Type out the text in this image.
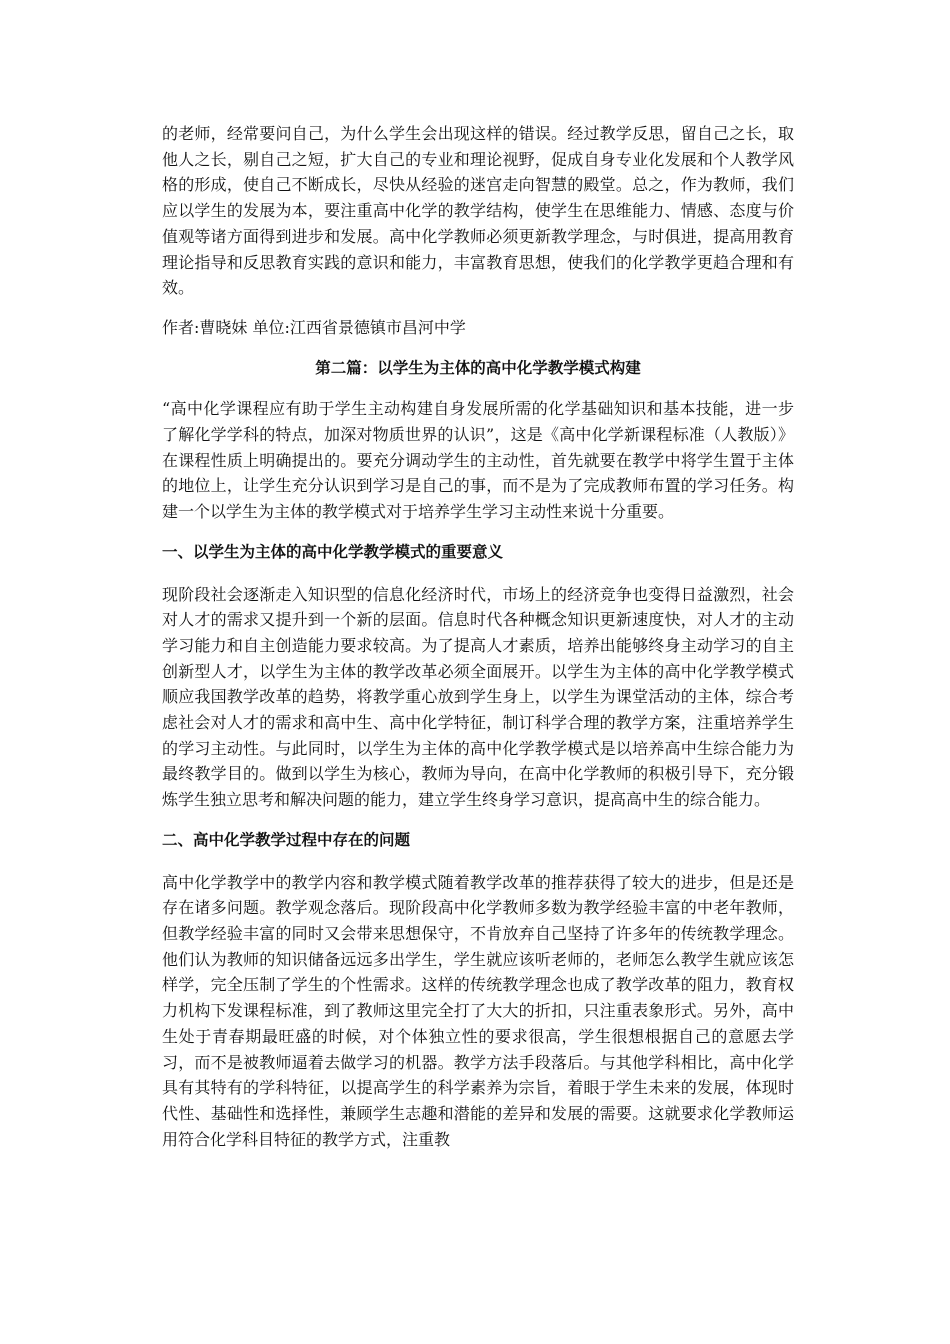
的老师，经常要问自己，为什么学生会出现这样的错误。经过教学反思，留自己之长，取他人之长，剔自己之短，扩大自己的专业和理论视野，促成自身专业化发展和个人教学风格的形成，使自己不断成长，尽快从经验的迷宫走向智慧的殿堂。总之，作为教师，我们应以学生的发展为本，要注重高中化学的教学结构，使学生在思维能力、情感、态度与价值观等诸方面得到进步和发展。高中化学教师必须更新教学理念，与时俱进，提高用教育理论指导和反思教育实践的意识和能力，丰富教育思想，使我们的化学教学更趋合理和有效。

作者:曹晓妹 单位:江西省景德镇市昌河中学

第二篇：以学生为主体的高中化学教学模式构建

“高中化学课程应有助于学生主动构建自身发展所需的化学基础知识和基本技能，进一步了解化学学科的特点，加深对物质世界的认识”，这是《高中化学新课程标准（人教版）》在课程性质上明确提出的。要充分调动学生的主动性，首先就要在教学中将学生置于主体的地位上，让学生充分认识到学习是自己的事，而不是为了完成教师布置的学习任务。构建一个以学生为主体的教学模式对于培养学生学习主动性来说十分重要。

一、以学生为主体的高中化学教学模式的重要意义

现阶段社会逐渐走入知识型的信息化经济时代，市场上的经济竞争也变得日益激烈，社会对人才的需求又提升到一个新的层面。信息时代各种概念知识更新速度快，对人才的主动学习能力和自主创造能力要求较高。为了提高人才素质，培养出能够终身主动学习的自主创新型人才，以学生为主体的教学改革必须全面展开。以学生为主体的高中化学教学模式顺应我国教学改革的趋势，将教学重心放到学生身上，以学生为课堂活动的主体，综合考虑社会对人才的需求和高中生、高中化学特征，制订科学合理的教学方案，注重培养学生的学习主动性。与此同时，以学生为主体的高中化学教学模式是以培养高中生综合能力为最终教学目的。做到以学生为核心，教师为导向，在高中化学教师的积极引导下，充分锻炼学生独立思考和解决问题的能力，建立学生终身学习意识，提高高中生的综合能力。

二、高中化学教学过程中存在的问题

高中化学教学中的教学内容和教学模式随着教学改革的推荐获得了较大的进步，但是还是存在诸多问题。教学观念落后。现阶段高中化学教师多数为教学经验丰富的中老年教师，但教学经验丰富的同时又会带来思想保守，不肯放弃自己坚持了许多年的传统教学理念。他们认为教师的知识储备远远多出学生，学生就应该听老师的，老师怎么教学生就应该怎样学，完全压制了学生的个性需求。这样的传统教学理念也成了教学改革的阻力，教育权力机构下发课程标准，到了教师这里完全打了大大的折扣，只注重表象形式。另外，高中生处于青春期最旺盛的时候，对个体独立性的要求很高，学生很想根据自己的意愿去学习，而不是被教师逼着去做学习的机器。教学方法手段落后。与其他学科相比，高中化学具有其特有的学科特征，以提高学生的科学素养为宗旨，着眼于学生未来的发展，体现时代性、基础性和选择性，兼顾学生志趣和潜能的差异和发展的需要。这就要求化学教师运用符合化学科目特征的教学方式，注重教
